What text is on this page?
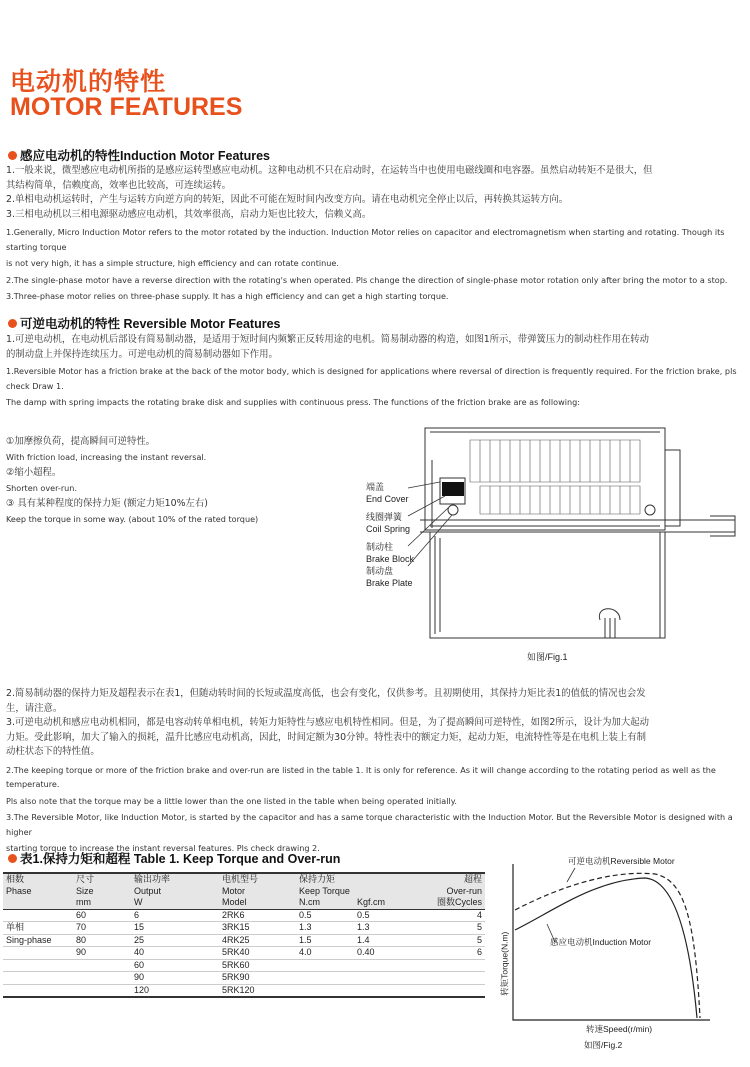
电动机的特性
MOTOR FEATURES
感应电动机的特性Induction Motor Features

1.一般来说，微型感应电动机所指的是感应运转型感应电动机。这种电动机不只在启动时，在运转当中也使用电磁线圈和电容器。虽然启动转矩不是很大，但

其结构简单，信赖度高，效率也比较高，可连续运转。

2.单相电动机运转时，产生与运转方向逆方向的转矩，因此不可能在短时间内改变方向。请在电动机完全停止以后，再转换其运转方向。

3.三相电动机以三相电源驱动感应电动机，其效率很高，启动力矩也比较大，信赖义高。

1.Generally, Micro Induction Motor refers to the motor rotated by the induction. Induction Motor relies on capacitor and electromagnetism when starting and rotating. Though its starting torque

is not very high, it has a simple structure, high efficiency and can rotate continue.

2.The single-phase motor have a reverse direction with the rotating's when operated. Pls change the direction of single-phase motor rotation only after bring the motor to a stop.

3.Three-phase motor relies on three-phase supply. It has a high efficiency and can get a high starting torque.

可逆电动机的特性 Reversible Motor Features

1.可逆电动机，在电动机后部设有简易制动器，是适用于短时间内频繁正反转用途的电机。简易制动器的构造，如图1所示，带弹簧压力的制动柱作用在转动

的制动盘上并保持连续压力。可逆电动机的简易制动器如下作用。

1.Reversible Motor has a friction brake at the back of the motor body, which is designed for applications where reversal of direction is frequently required. For the friction brake, pls check Draw 1.

The damp with spring impacts the rotating brake disk and supplies with continuous press. The functions of the friction brake are as following:

①加摩擦负荷，提高瞬间可逆特性。

With friction load, increasing the instant reversal.

②缩小超程。

Shorten over-run.

③ 具有某种程度的保持力矩 (额定力矩10%左右)

Keep the torque in some way. (about 10% of the rated torque)

端盖
End Cover
线圈弹簧
Coil Spring
制动柱
Brake Block
制动盘
Brake Plate
如图/Fig.1

2.简易制动器的保持力矩及超程表示在表1，但随动转时间的长短或温度高低，也会有变化，仅供参考。且初期使用，其保持力矩比表1的值低的情况也会发

生，请注意。

3.可逆电动机和感应电动机相同，都是电容动转单相电机，转矩力矩特性与感应电机特性相同。但是，为了提高瞬间可逆特性，如图2所示，设计为加大起动

力矩。受此影响，加大了输入的损耗，温升比感应电动机高，因此，时间定额为30分钟。特性表中的额定力矩，起动力矩，电流特性等是在电机上装上有制

动柱状态下的特性值。

2.The keeping torque or more of the friction brake and over-run are listed in the table 1. It is only for reference. As it will change according to the rotating period as well as the temperature.

Pls also note that the torque may be a little lower than the one listed in the table when being operated initially.

3.The Reversible Motor, like Induction Motor, is started by the capacitor and has a same torque characteristic with the Induction Motor. But the Reversible Motor is designed with a higher

starting torque to increase the instant reversal features. Pls check drawing 2.

表1.保持力矩和超程 Table 1. Keep Torque and Over-run
相数	尺寸	输出功率	电机型号	保持力矩		超程
Phase	Size	Output	Motor	Keep Torque		Over-run
	mm	W	Model	N.cm	Kgf.cm	圈数Cycles
	60	6	2RK6	0.5	0.5	4
单相	70	15	3RK15	1.3	1.3	5
Sing-phase	80	25	4RK25	1.5	1.4	5
	90	40	5RK40	4.0	0.40	6
		60	5RK60			
		90	5RK90			
		120	5RK120			
可逆电动机Reversible Motor
感应电动机Induction Motor
转矩Torque(N.m)
转速Speed(r/min)
如图/Fig.2
